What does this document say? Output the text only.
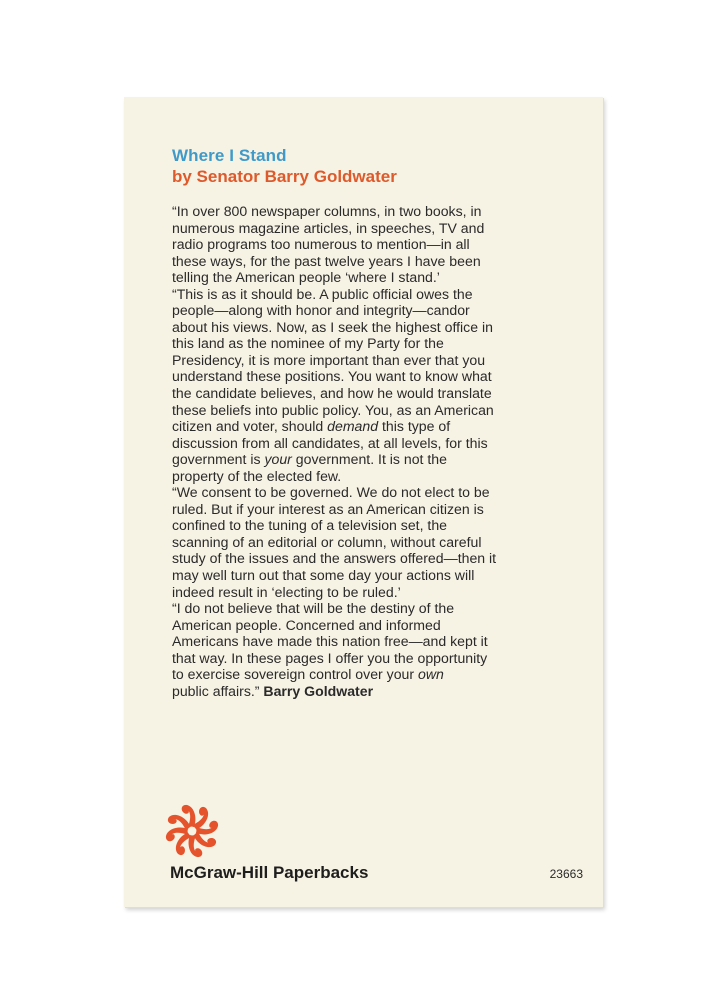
Where I Stand
by Senator Barry Goldwater
“In over 800 newspaper columns, in two books, in
numerous magazine articles, in speeches, TV and
radio programs too numerous to mention—in all
these ways, for the past twelve years I have been
telling the American people ‘where I stand.’
“This is as it should be. A public official owes the
people—along with honor and integrity—candor
about his views. Now, as I seek the highest office in
this land as the nominee of my Party for the
Presidency, it is more important than ever that you
understand these positions. You want to know what
the candidate believes, and how he would translate
these beliefs into public policy. You, as an American
citizen and voter, should demand this type of
discussion from all candidates, at all levels, for this
government is your government. It is not the
property of the elected few.
“We consent to be governed. We do not elect to be
ruled. But if your interest as an American citizen is
confined to the tuning of a television set, the
scanning of an editorial or column, without careful
study of the issues and the answers offered—then it
may well turn out that some day your actions will
indeed result in ‘electing to be ruled.’
“I do not believe that will be the destiny of the
American people. Concerned and informed
Americans have made this nation free—and kept it
that way. In these pages I offer you the opportunity
to exercise sovereign control over your own
public affairs.” Barry Goldwater
McGraw-Hill Paperbacks	23663
